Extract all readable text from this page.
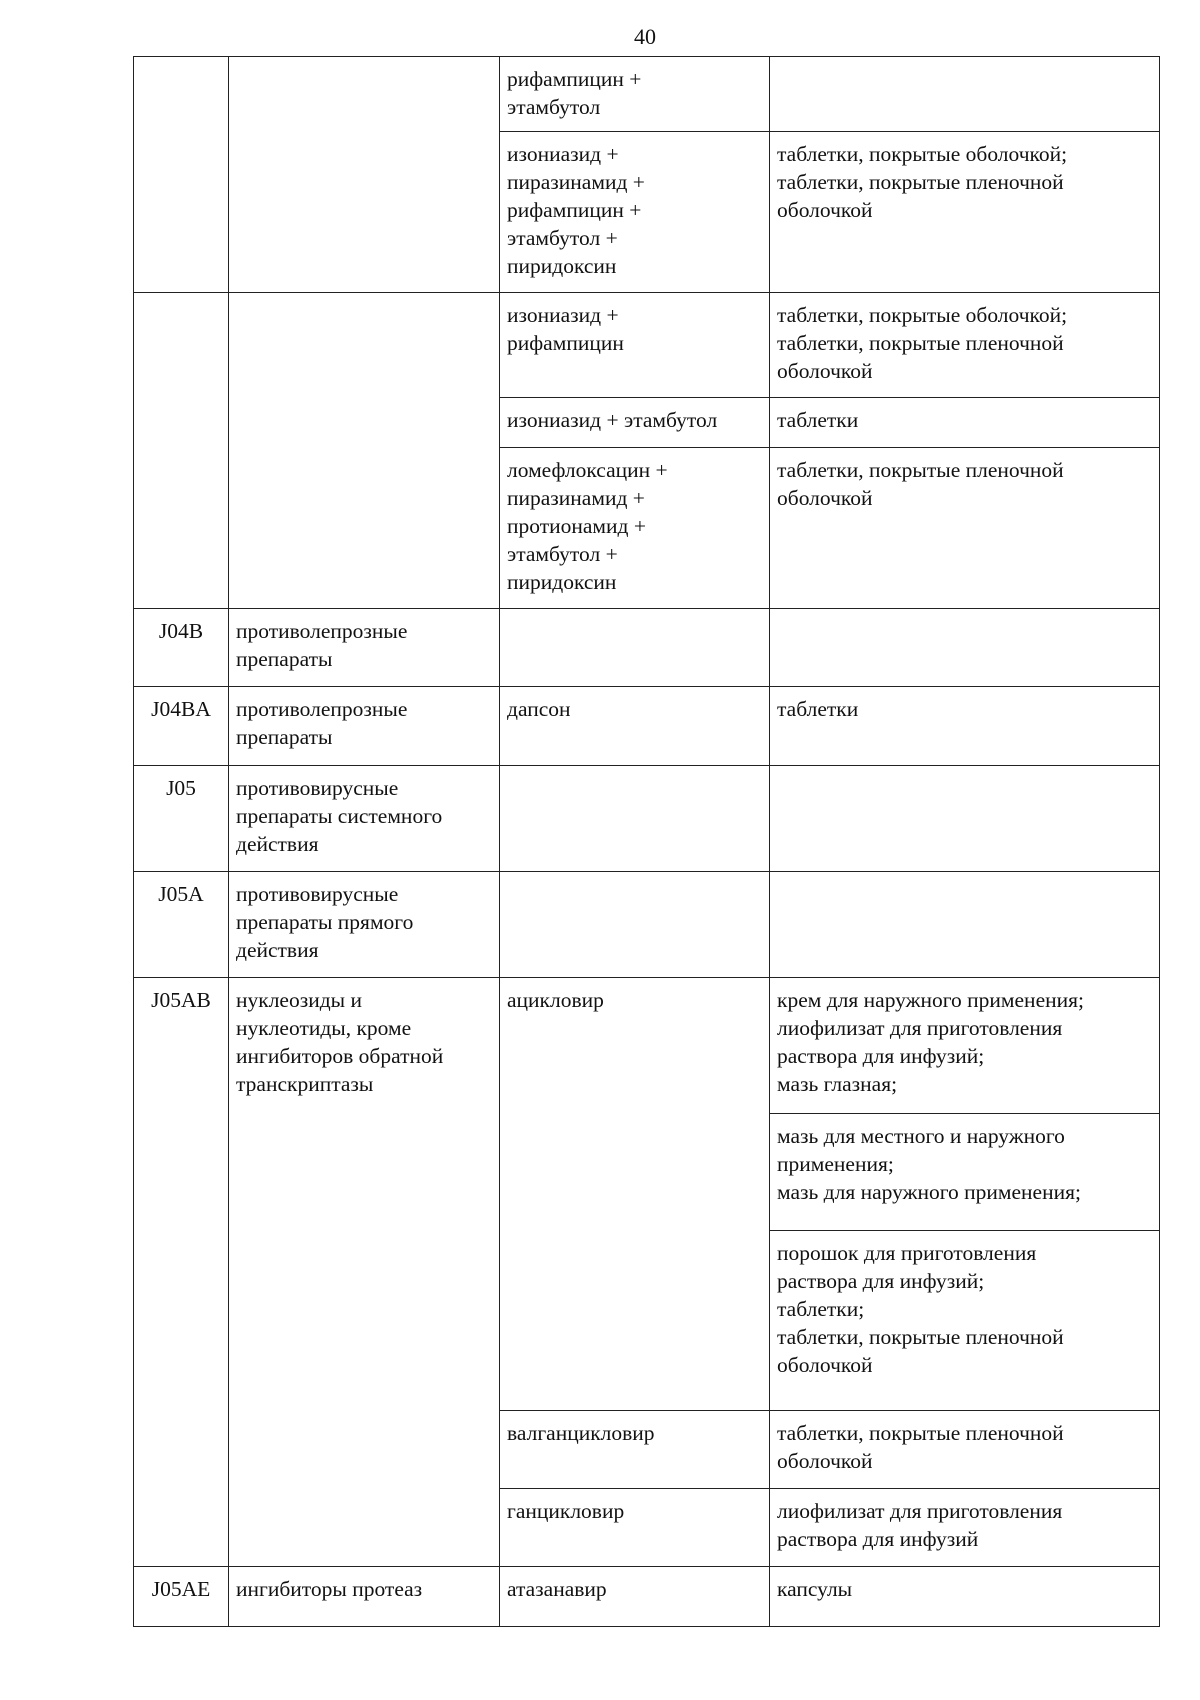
40

		рифампицин +
этамбутол	

		изониазид +
пиразинамид +
рифампицин +
этамбутол +
пиридоксин	таблетки, покрытые оболочкой;
таблетки, покрытые пленочной
оболочкой

		изониазид +
рифампицин	таблетки, покрытые оболочкой;
таблетки, покрытые пленочной
оболочкой

		изониазид + этамбутол	таблетки

		ломефлоксацин +
пиразинамид +
протионамид +
этамбутол +
пиридоксин	таблетки, покрытые пленочной
оболочкой

J04B	противолепрозные
препараты		

J04BA	противолепрозные
препараты	дапсон	таблетки

J05	противовирусные
препараты системного
действия		

J05A	противовирусные
препараты прямого
действия		

J05AB	нуклеозиды и
нуклеотиды, кроме
ингибиторов обратной
транскриптазы	ацикловир	крем для наружного применения;
лиофилизат для приготовления
раствора для инфузий;
мазь глазная;

			мазь для местного и наружного
применения;
мазь для наружного применения;

			порошок для приготовления
раствора для инфузий;
таблетки;
таблетки, покрытые пленочной
оболочкой

		валганцикловир	таблетки, покрытые пленочной
оболочкой

		ганцикловир	лиофилизат для приготовления
раствора для инфузий

J05AE	ингибиторы протеаз	атазанавир	капсулы
